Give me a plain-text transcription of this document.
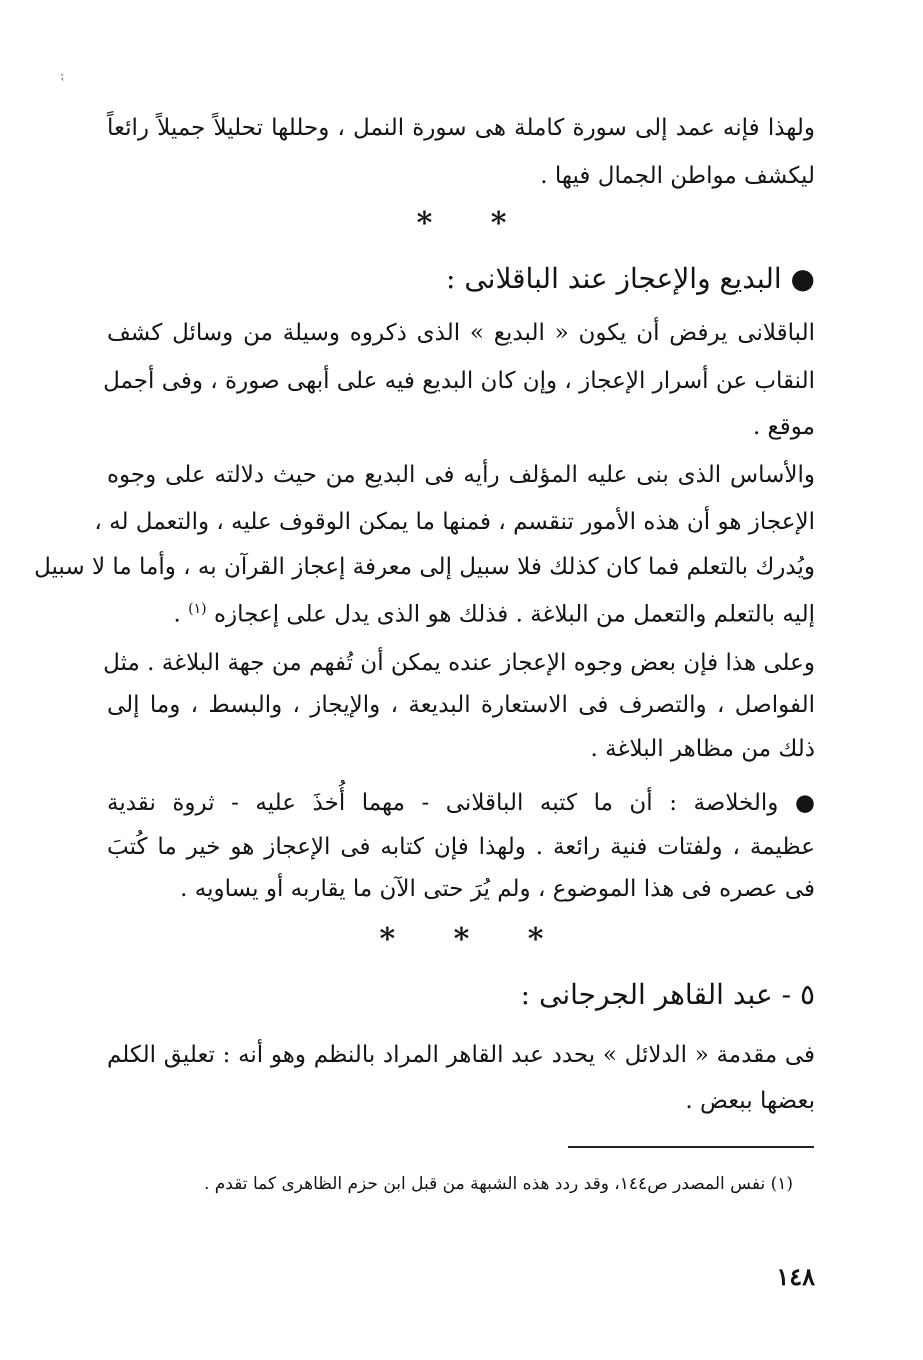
⁏
ولهذا فإنه عمد إلى سورة كاملة هى سورة النمل ، وحللها تحليلاً جميلاً رائعاً
ليكشف مواطن الجمال فيها .
* *
● البديع والإعجاز عند الباقلانى :
الباقلانى يرفض أن يكون « البديع » الذى ذكروه وسيلة من وسائل كشف
النقاب عن أسرار الإعجاز ، وإن كان البديع فيه على أبهى صورة ، وفى أجمل
موقع .
والأساس الذى بنى عليه المؤلف رأيه فى البديع من حيث دلالته على وجوه
الإعجاز هو أن هذه الأمور تنقسم ، فمنها ما يمكن الوقوف عليه ، والتعمل له ،
ويُدرك بالتعلم فما كان كذلك فلا سبيل إلى معرفة إعجاز القرآن به ، وأما ما لا سبيل
إليه بالتعلم والتعمل من البلاغة . فذلك هو الذى يدل على إعجازه $^{(١)}$ .
وعلى هذا فإن بعض وجوه الإعجاز عنده يمكن أن تُفهم من جهة البلاغة . مثل
الفواصل ، والتصرف فى الاستعارة البديعة ، والإيجاز ، والبسط ، وما إلى
ذلك من مظاهر البلاغة .
● والخلاصة : أن ما كتبه الباقلانى - مهما أُخذَ عليه - ثروة نقدية
عظيمة ، ولفتات فنية رائعة . ولهذا فإن كتابه فى الإعجاز هو خير ما كُتبَ
فى عصره فى هذا الموضوع ، ولم يُرَ حتى الآن ما يقاربه أو يساويه .
* * *
٥ - عبد القاهر الجرجانى :
فى مقدمة « الدلائل » يحدد عبد القاهر المراد بالنظم وهو أنه : تعليق الكلم
بعضها ببعض .
(١) نفس المصدر ص١٤٤، وقد ردد هذه الشبهة من قبل ابن حزم الظاهرى كما تقدم .
١٤٨
